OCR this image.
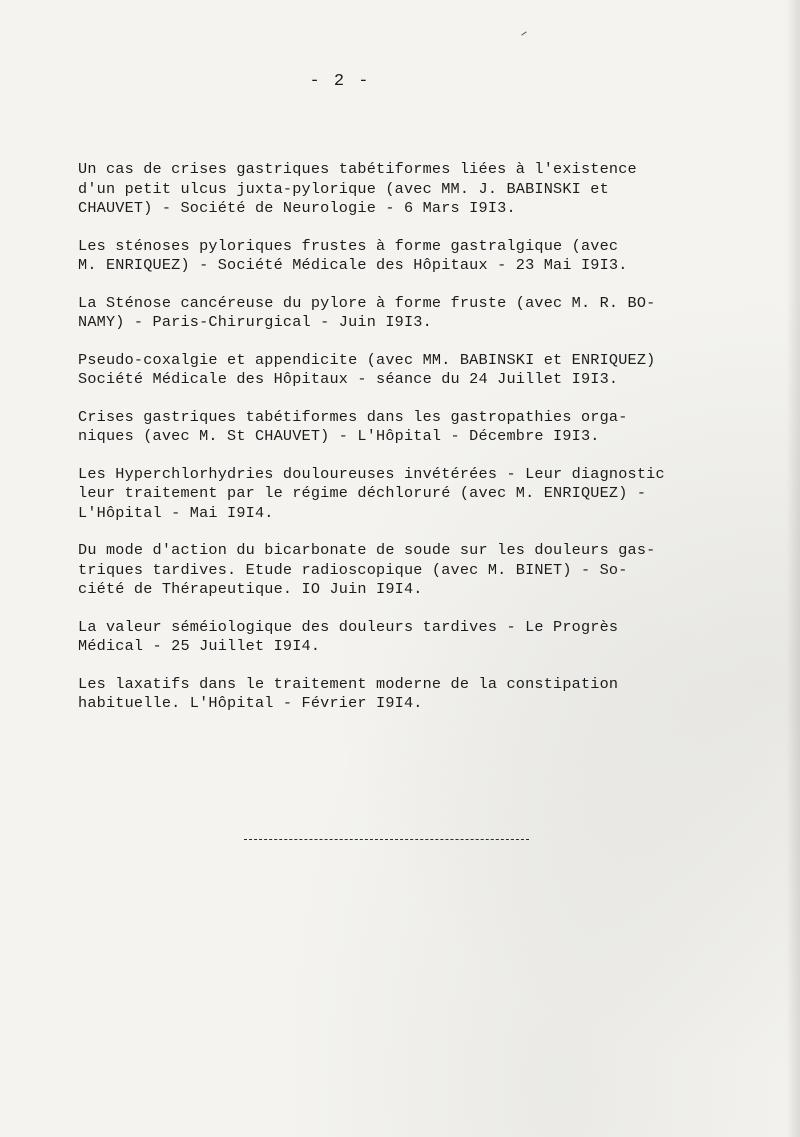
- 2 -
Un cas de crises gastriques tabétiformes liées à l'existence
d'un petit ulcus juxta-pylorique (avec MM. J. BABINSKI et
CHAUVET) - Société de Neurologie - 6 Mars I9I3.
Les sténoses pyloriques frustes à forme gastralgique (avec
M. ENRIQUEZ) - Société Médicale des Hôpitaux - 23 Mai I9I3.
La Sténose cancéreuse du pylore à forme fruste (avec M. R. BO-
NAMY) - Paris-Chirurgical - Juin I9I3.
Pseudo-coxalgie et appendicite (avec MM. BABINSKI et ENRIQUEZ)
Société Médicale des Hôpitaux - séance du 24 Juillet I9I3.
Crises gastriques tabétiformes dans les gastropathies orga-
niques (avec M. St CHAUVET) - L'Hôpital - Décembre I9I3.
Les Hyperchlorhydries douloureuses invétérées - Leur diagnostic
leur traitement par le régime déchloruré (avec M. ENRIQUEZ) -
L'Hôpital - Mai I9I4.
Du mode d'action du bicarbonate de soude sur les douleurs gas-
triques tardives. Etude radioscopique (avec M. BINET) - So-
ciété de Thérapeutique. IO Juin I9I4.
La valeur séméiologique des douleurs tardives - Le Progrès
Médical - 25 Juillet I9I4.
Les laxatifs dans le traitement moderne de la constipation
habituelle. L'Hôpital - Février I9I4.
